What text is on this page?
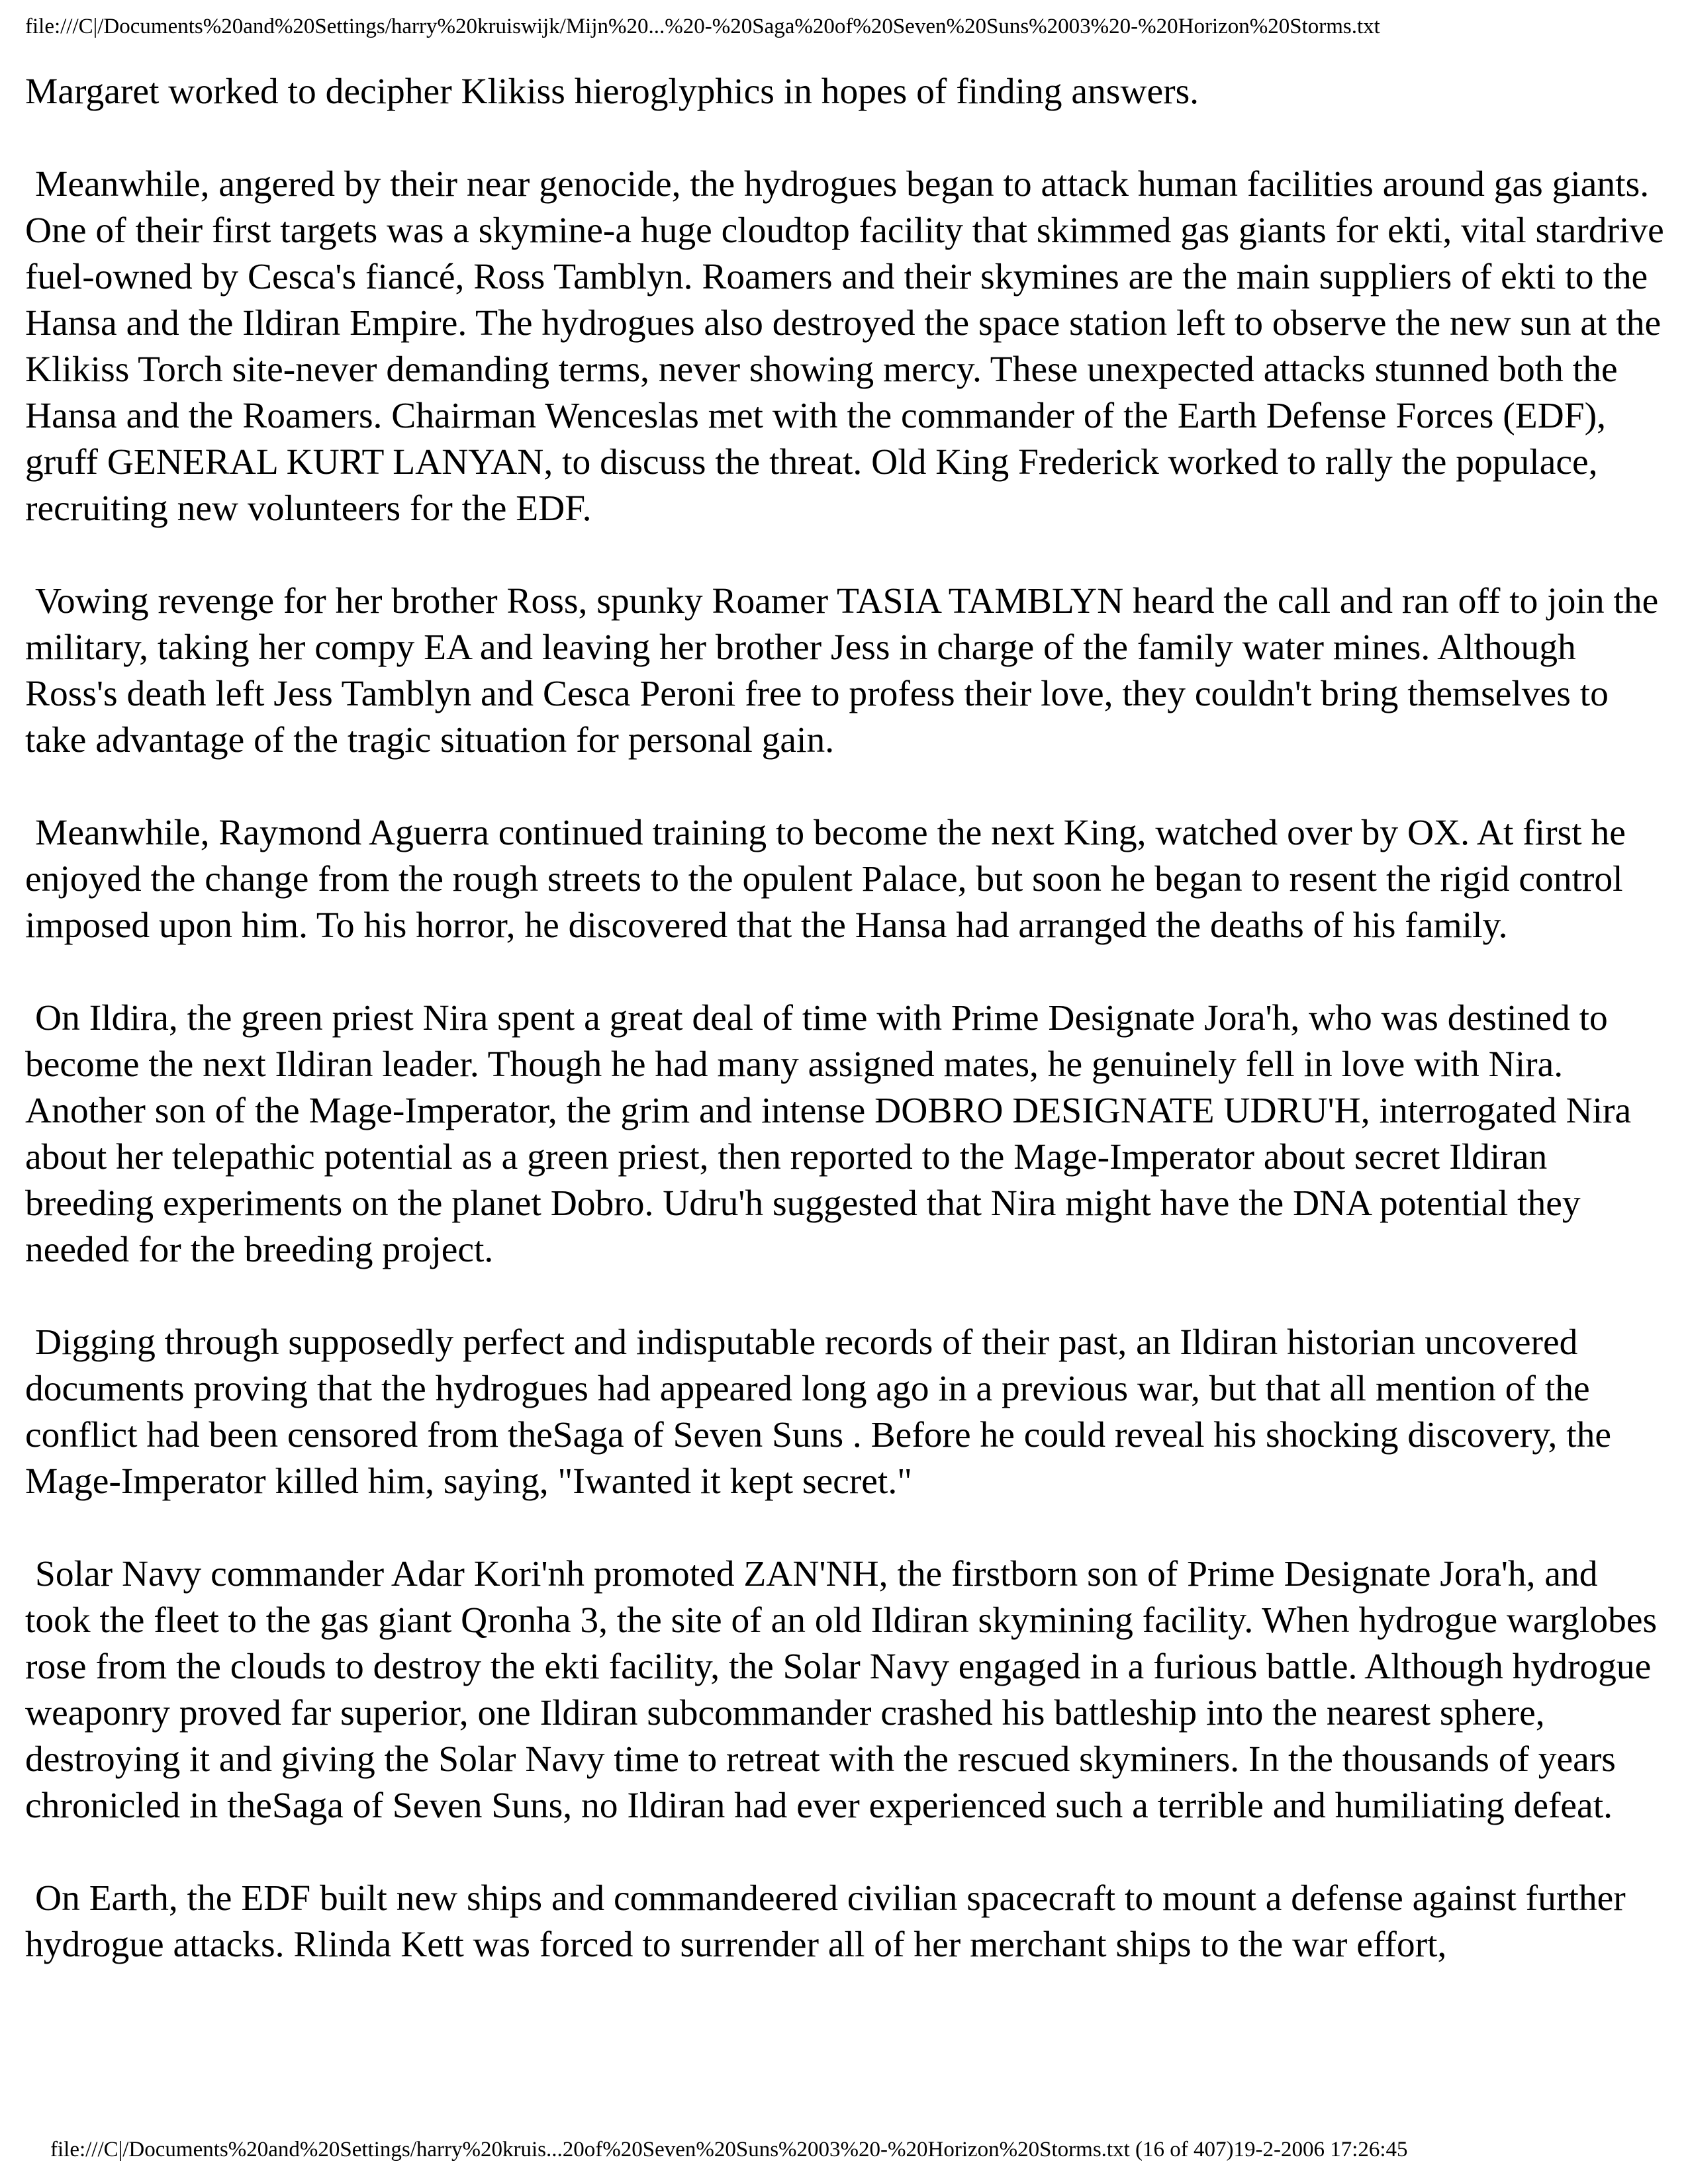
file:///C|/Documents%20and%20Settings/harry%20kruiswijk/Mijn%20...%20-%20Saga%20of%20Seven%20Suns%2003%20-%20Horizon%20Storms.txt

Margaret worked to decipher Klikiss hieroglyphics in hopes of finding answers.

Meanwhile, angered by their near genocide, the hydrogues began to attack human facilities around gas giants. One of their first targets was a skymine-a huge cloudtop facility that skimmed gas giants for ekti, vital stardrive fuel-owned by Cesca's fiancé, Ross Tamblyn. Roamers and their skymines are the main suppliers of ekti to the Hansa and the Ildiran Empire. The hydrogues also destroyed the space station left to observe the new sun at the Klikiss Torch site-never demanding terms, never showing mercy. These unexpected attacks stunned both the Hansa and the Roamers. Chairman Wenceslas met with the commander of the Earth Defense Forces (EDF), gruff GENERAL KURT LANYAN, to discuss the threat. Old King Frederick worked to rally the populace, recruiting new volunteers for the EDF.

Vowing revenge for her brother Ross, spunky Roamer TASIA TAMBLYN heard the call and ran off to join the military, taking her compy EA and leaving her brother Jess in charge of the family water mines. Although Ross's death left Jess Tamblyn and Cesca Peroni free to profess their love, they couldn't bring themselves to take advantage of the tragic situation for personal gain.

Meanwhile, Raymond Aguerra continued training to become the next King, watched over by OX. At first he enjoyed the change from the rough streets to the opulent Palace, but soon he began to resent the rigid control imposed upon him. To his horror, he discovered that the Hansa had arranged the deaths of his family.

On Ildira, the green priest Nira spent a great deal of time with Prime Designate Jora'h, who was destined to become the next Ildiran leader. Though he had many assigned mates, he genuinely fell in love with Nira. Another son of the Mage-Imperator, the grim and intense DOBRO DESIGNATE UDRU'H, interrogated Nira about her telepathic potential as a green priest, then reported to the Mage-Imperator about secret Ildiran breeding experiments on the planet Dobro. Udru'h suggested that Nira might have the DNA potential they needed for the breeding project.

Digging through supposedly perfect and indisputable records of their past, an Ildiran historian uncovered documents proving that the hydrogues had appeared long ago in a previous war, but that all mention of the conflict had been censored from theSaga of Seven Suns . Before he could reveal his shocking discovery, the Mage-Imperator killed him, saying, "Iwanted it kept secret."

Solar Navy commander Adar Kori'nh promoted ZAN'NH, the firstborn son of Prime Designate Jora'h, and took the fleet to the gas giant Qronha 3, the site of an old Ildiran skymining facility. When hydrogue warglobes rose from the clouds to destroy the ekti facility, the Solar Navy engaged in a furious battle. Although hydrogue weaponry proved far superior, one Ildiran subcommander crashed his battleship into the nearest sphere, destroying it and giving the Solar Navy time to retreat with the rescued skyminers. In the thousands of years chronicled in theSaga of Seven Suns, no Ildiran had ever experienced such a terrible and humiliating defeat.

On Earth, the EDF built new ships and commandeered civilian spacecraft to mount a defense against further hydrogue attacks. Rlinda Kett was forced to surrender all of her merchant ships to the war effort,

file:///C|/Documents%20and%20Settings/harry%20kruis...20of%20Seven%20Suns%2003%20-%20Horizon%20Storms.txt (16 of 407)19-2-2006 17:26:45
